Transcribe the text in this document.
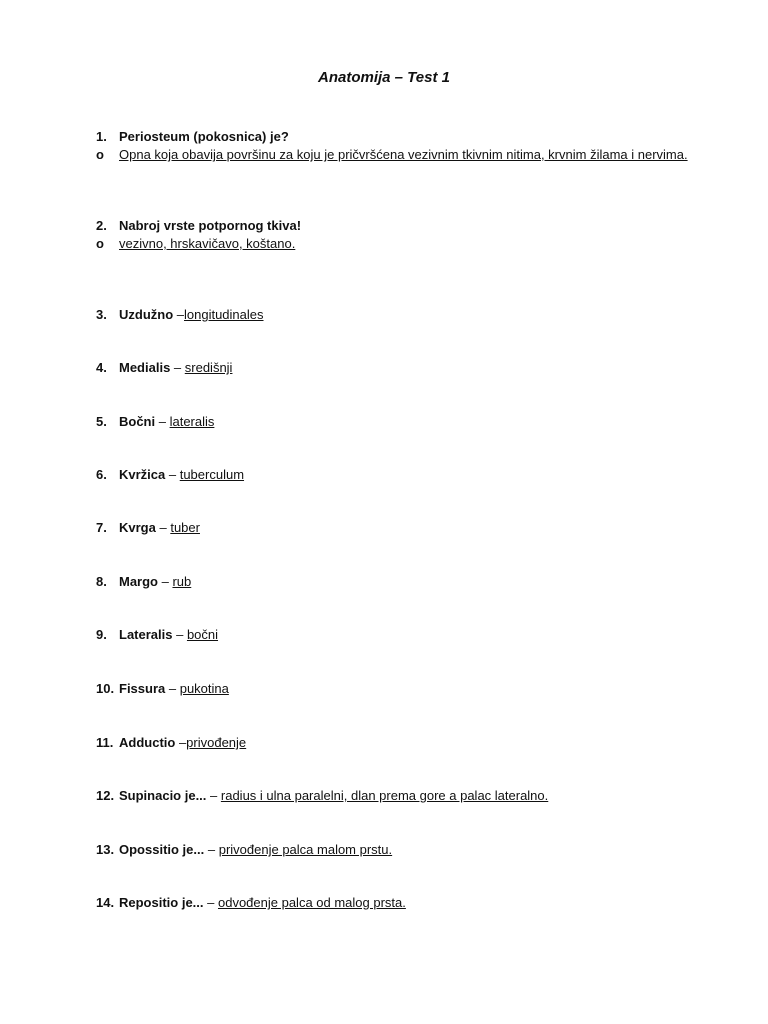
Anatomija – Test 1
1. Periosteum (pokosnica) je?
o	Opna koja obavija površinu za koju je pričvršćena vezivnim tkivnim nitima, krvnim žilama i nervima.
2. Nabroj vrste potpornog tkiva!
o	vezivno, hrskavičavo, koštano.
3. Uzdužno –longitudinales
4. Medialis – središnji
5. Bočni – lateralis
6. Kvržica – tuberculum
7. Kvrga – tuber
8. Margo – rub
9. Lateralis – bočni
10. Fissura – pukotina
11. Adductio –privođenje
12. Supinacio je... – radius i ulna paralelni, dlan prema gore a palac lateralno.
13. Opossitio je... – privođenje palca malom prstu.
14. Repositio je... – odvođenje palca od malog prsta.
